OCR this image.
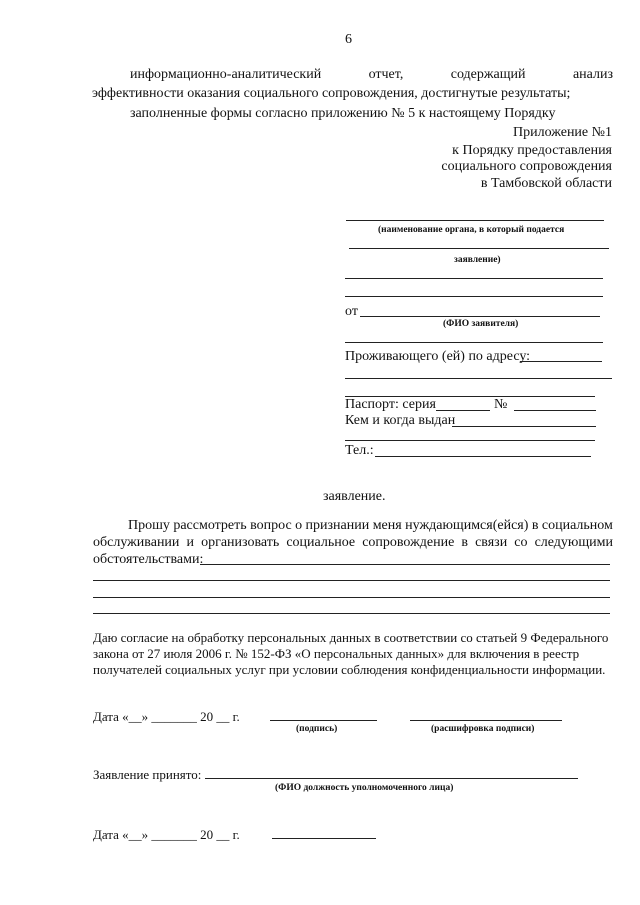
6
информационно-аналитический	отчет,	содержащий	анализ
эффективности оказания социального сопровождения, достигнутые результаты;
заполненные формы согласно приложению № 5 к настоящему Порядку
Приложение №1
к Порядку предоставления
социального сопровождения
в Тамбовской области
(наименование органа, в который подается
заявление)
от
(ФИО заявителя)
Проживающего (ей) по адресу:
Паспорт: серия	№
Кем и когда выдан
Тел.:
заявление.
Прошу рассмотреть вопрос о признании меня нуждающимся(ейся) в социальном
обслуживании и организовать социальное сопровождение в связи со следующими
обстоятельствами:
Даю согласие на обработку персональных данных в соответствии со статьей 9 Федерального
закона от 27 июля 2006 г. № 152-ФЗ «О персональных данных» для включения в реестр
получателей социальных услуг при условии соблюдения конфиденциальности информации.
Дата «__» _______ 20 __ г.
(подпись)	(расшифровка подписи)
Заявление принято:
(ФИО должность уполномоченного лица)
Дата «__» _______ 20 __ г.
